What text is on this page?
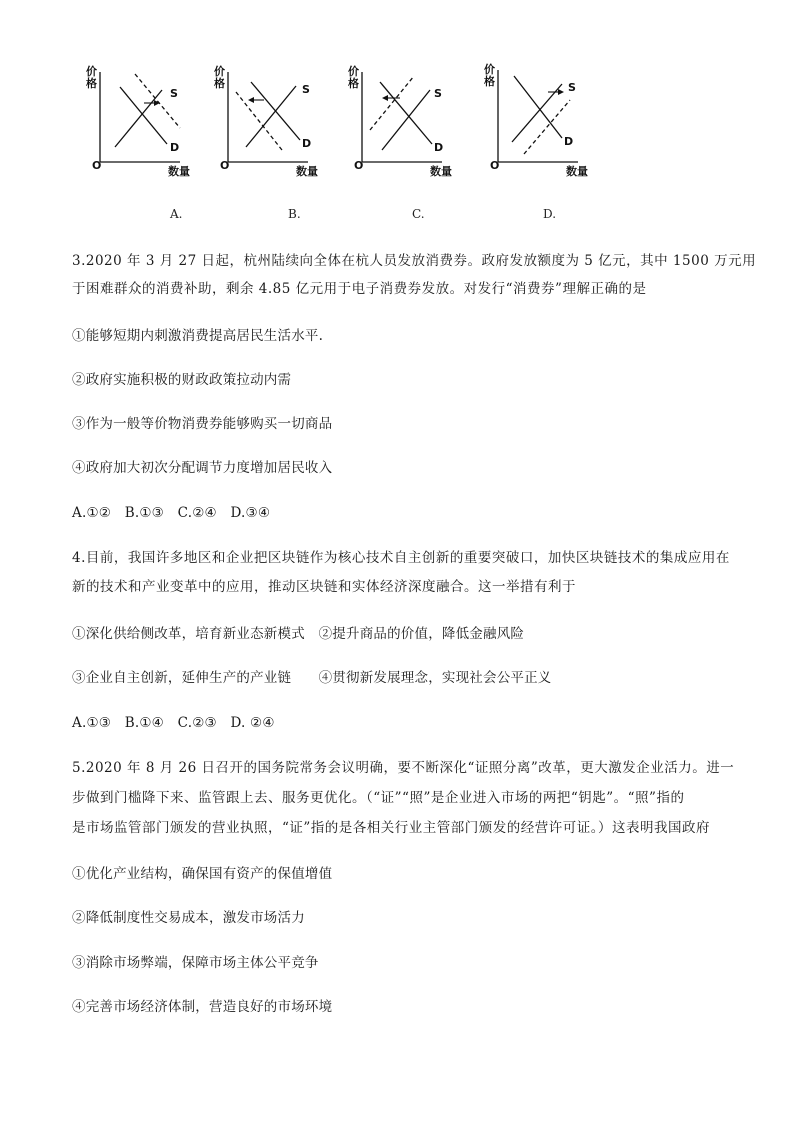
价格
O	数量
S
D
价格
O	数量
S
D
价格
O	数量
S
D
价格
O	数量
S
D
A.	B.	C.	D.
3.2020 年 3 月 27 日起，杭州陆续向全体在杭人员发放消费券。政府发放额度为 5 亿元，其中 1500 万元用
于困难群众的消费补助，剩余 4.85 亿元用于电子消费券发放。对发行“消费券”理解正确的是
①能够短期内刺激消费提高居民生活水平.
②政府实施积极的财政政策拉动内需
③作为一般等价物消费券能够购买一切商品
④政府加大初次分配调节力度增加居民收入
A.①②　B.①③　C.②④　D.③④
4.目前，我国许多地区和企业把区块链作为核心技术自主创新的重要突破口，加快区块链技术的集成应用在
新的技术和产业变革中的应用，推动区块链和实体经济深度融合。这一举措有利于
①深化供给侧改革，培育新业态新模式　②提升商品的价值，降低金融风险
③企业自主创新，延伸生产的产业链　　④贯彻新发展理念，实现社会公平正义
A.①③　B.①④　C.②③　D. ②④
5.2020 年 8 月 26 日召开的国务院常务会议明确，要不断深化“证照分离”改革，更大激发企业活力。进一
步做到门槛降下来、监管跟上去、服务更优化。（“证”“照”是企业进入市场的两把“钥匙”。“照”指的
是市场监管部门颁发的营业执照，“证”指的是各相关行业主管部门颁发的经营许可证。）这表明我国政府
①优化产业结构，确保国有资产的保值增值
②降低制度性交易成本，激发市场活力
③消除市场弊端，保障市场主体公平竞争
④完善市场经济体制，营造良好的市场环境
